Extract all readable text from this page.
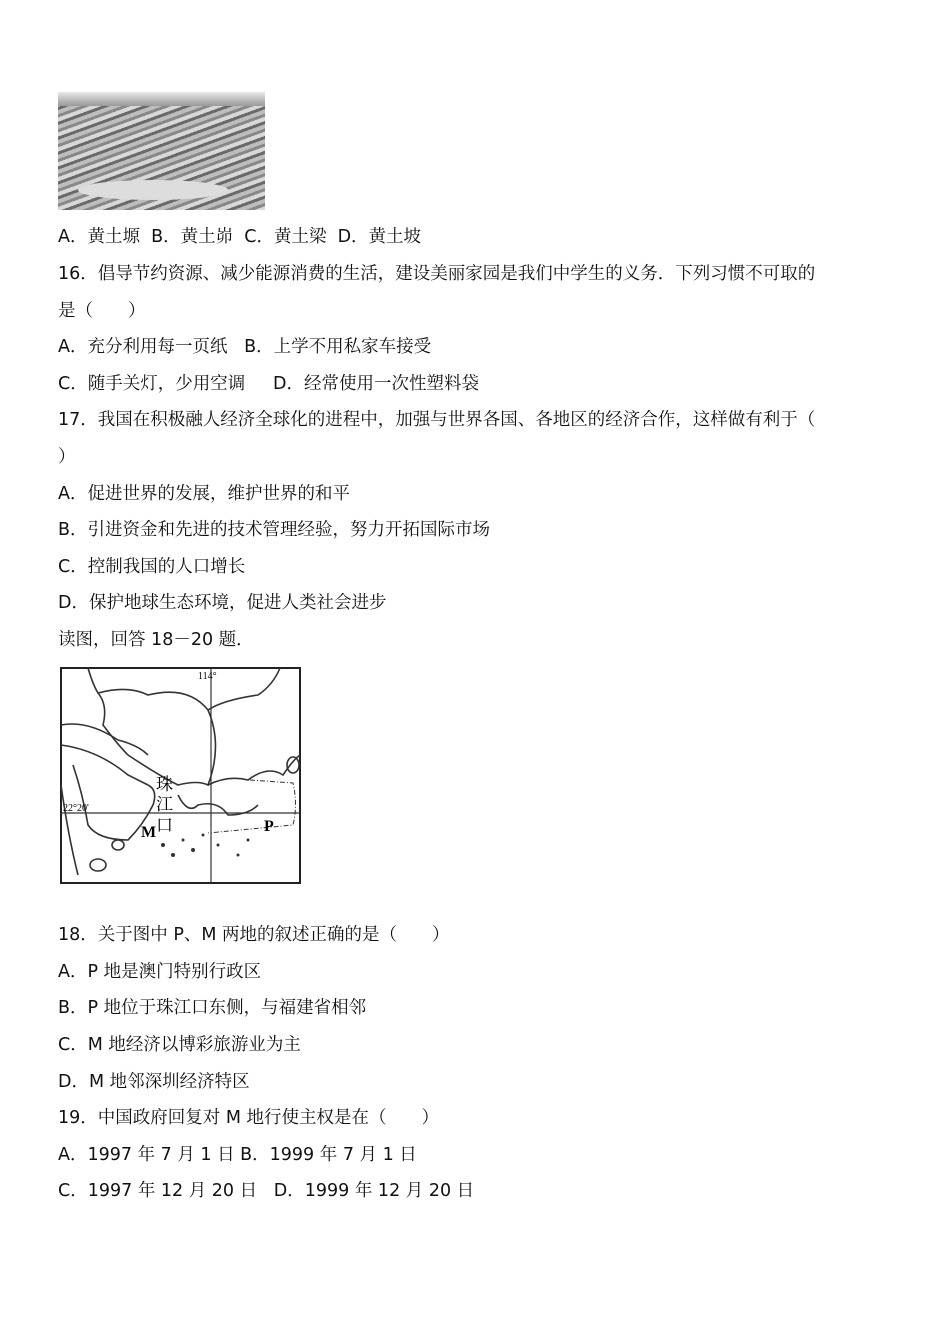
A．黄土塬  B．黄土峁  C．黄土梁  D．黄土坡
16．倡导节约资源、减少能源消费的生活，建设美丽家园是我们中学生的义务．下列习惯不可取的
是（　　）
A．充分利用每一页纸   B．上学不用私家车接受
C．随手关灯，少用空调     D．经常使用一次性塑料袋
17．我国在积极融人经济全球化的进程中，加强与世界各国、各地区的经济合作，这样做有利于（
）
A．促进世界的发展，维护世界的和平
B．引进资金和先进的技术管理经验，努力开拓国际市场
C．控制我国的人口增长
D．保护地球生态环境，促进人类社会进步
读图，回答 18－20 题．
114°
22°20'
珠
江
口
M	P
18．关于图中 P、M 两地的叙述正确的是（　　）
A．P 地是澳门特别行政区
B．P 地位于珠江口东侧，与福建省相邻
C．M 地经济以博彩旅游业为主
D．M 地邻深圳经济特区
19．中国政府回复对 M 地行使主权是在（　　）
A．1997 年 7 月 1 日 B．1999 年 7 月 1 日
C．1997 年 12 月 20 日   D．1999 年 12 月 20 日
